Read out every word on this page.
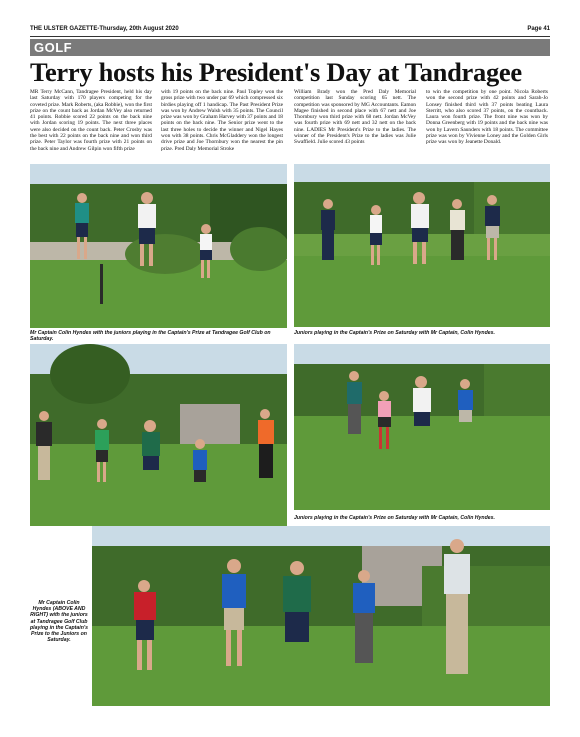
THE ULSTER GAZETTE-Thursday, 20th August 2020	Page 41
GOLF
Terry hosts his President's Day at Tandragee

MR Terry McCann, Tandragee President, held his day last Saturday with 170 players competing for the coveted prize. Mark Roberts, (aka Robbie), won the first prize on the count back as Jordan McVey also returned 41 points. Robbie scored 22 points on the back nine with Jordan scoring 19 points. The next three places were also decided on the count back. Peter Crosby was the best with 22 points on the back nine and won third prize. Peter Taylor was fourth prize with 21 points on the back nine and Andrew Gilpin won fifth prize

with 19 points on the back nine. Paul Topley won the gross prize with two under par 69 which compressed six birdies playing off 1 handicap. The Past President Prize was won by Andrew Walsh with 35 points. The Council prize was won by Graham Harvey with 37 points and 18 points on the back nine. The Senior prize went to the last three holes to decide the winner and Nigel Hayes won with 38 points. Chris McGladdery won the longest drive prize and Joe Thornbury won the nearest the pin prize. Pred Daly Memorial Stroke

William Brady won the Pred Daly Memorial competition last Sunday scoring 65 nett. The competition was sponsored by MG Accountants. Eamon Magee finished in second place with 67 nett and Joe Thornbury won third prize with 68 nett. Jordan McVey was fourth prize with 69 nett and 32 nett on the back nine. LADIES Mr President's Prize to the ladies. The winner of the President's Prize to the ladies was Julie Swaffield. Julie scored 43 points

to win the competition by one point. Nicola Roberts won the second prize with 42 points and Sarah-Jo Lonsey finished third with 37 points beating Laura Sterritt, who also scored 37 points, on the countback. Laura won fourth prize. The front nine was won by Donna Greenberg with 19 points and the back nine was won by Lavern Saunders with 18 points. The committee prize was won by Vivienne Loney and the Golden Girls prize was won by Jeanette Donald.

Mr Captain Colin Hyndes with the juniors playing in the Captain's Prize at Tandragee Golf Club on Saturday.
Juniors playing in the Captain's Prize on Saturday with Mr Captain, Colin Hyndes.
Juniors playing in the Captain's Prize on Saturday with Mr Captain, Colin Hyndes.
Mr Captain Colin Hyndes (ABOVE AND RIGHT) with the juniors at Tandragee Golf Club playing in the Captain's Prize to the Juniors on Saturday.
